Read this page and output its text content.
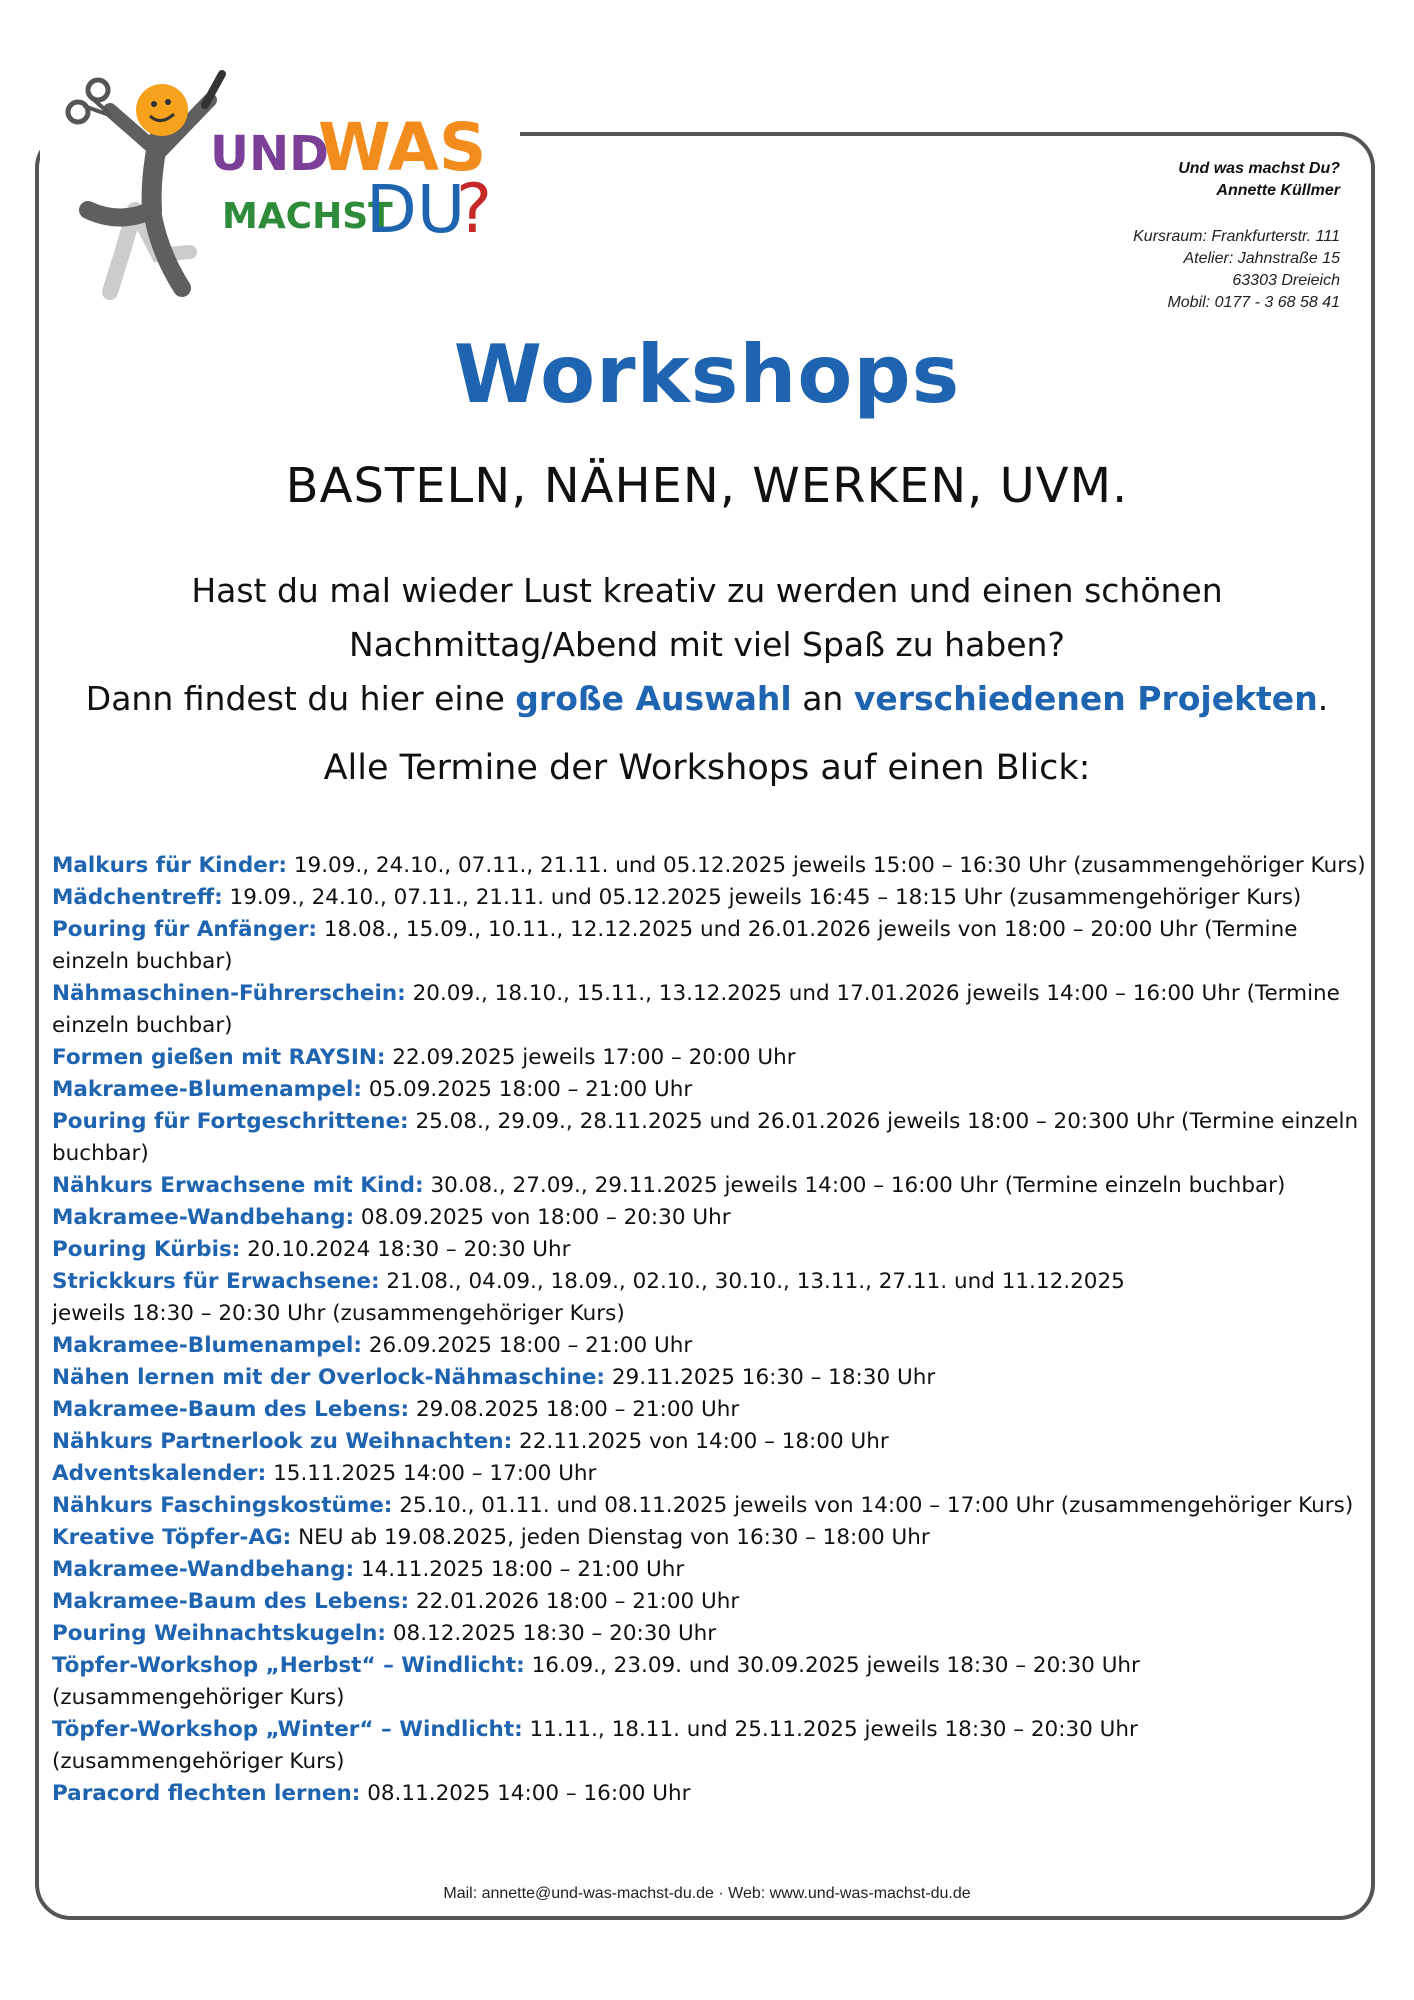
UND
WAS
MACHST
DU
?
Und was machst Du?
Annette Küllmer
Kursraum: Frankfurterstr. 111
Atelier: Jahnstraße 15
63303 Dreieich
Mobil: 0177 - 3 68 58 41
Workshops
BASTELN, NÄHEN, WERKEN, UVM.
Hast du mal wieder Lust kreativ zu werden und einen schönen
Nachmittag/Abend mit viel Spaß zu haben?
Dann findest du hier eine große Auswahl an verschiedenen Projekten.
Alle Termine der Workshops auf einen Blick:

Malkurs für Kinder: 19.09., 24.10., 07.11., 21.11. und 05.12.2025 jeweils 15:00 – 16:30 Uhr (zusammengehöriger Kurs)

Mädchentreff: 19.09., 24.10., 07.11., 21.11. und 05.12.2025 jeweils 16:45 – 18:15 Uhr (zusammengehöriger Kurs)

Pouring für Anfänger: 18.08., 15.09., 10.11., 12.12.2025 und 26.01.2026 jeweils von 18:00 – 20:00 Uhr (Termine einzeln buchbar)

Nähmaschinen-Führerschein: 20.09., 18.10., 15.11., 13.12.2025 und 17.01.2026 jeweils 14:00 – 16:00 Uhr (Termine einzeln buchbar)

Formen gießen mit RAYSIN: 22.09.2025 jeweils 17:00 – 20:00 Uhr

Makramee-Blumenampel: 05.09.2025 18:00 – 21:00 Uhr

Pouring für Fortgeschrittene: 25.08., 29.09., 28.11.2025 und 26.01.2026 jeweils 18:00 – 20:300 Uhr (Termine einzeln buchbar)

Nähkurs Erwachsene mit Kind: 30.08., 27.09., 29.11.2025 jeweils 14:00 – 16:00 Uhr (Termine einzeln buchbar)

Makramee-Wandbehang: 08.09.2025 von 18:00 – 20:30 Uhr

Pouring Kürbis: 20.10.2024 18:30 – 20:30 Uhr

Strickkurs für Erwachsene: 21.08., 04.09., 18.09., 02.10., 30.10., 13.11., 27.11. und 11.12.2025
jeweils 18:30 – 20:30 Uhr (zusammengehöriger Kurs)

Makramee-Blumenampel: 26.09.2025 18:00 – 21:00 Uhr

Nähen lernen mit der Overlock-Nähmaschine: 29.11.2025 16:30 – 18:30 Uhr

Makramee-Baum des Lebens: 29.08.2025 18:00 – 21:00 Uhr

Nähkurs Partnerlook zu Weihnachten: 22.11.2025 von 14:00 – 18:00 Uhr

Adventskalender: 15.11.2025 14:00 – 17:00 Uhr

Nähkurs Faschingskostüme: 25.10., 01.11. und 08.11.2025 jeweils von 14:00 – 17:00 Uhr (zusammengehöriger Kurs)

Kreative Töpfer-AG: NEU ab 19.08.2025, jeden Dienstag von 16:30 – 18:00 Uhr

Makramee-Wandbehang: 14.11.2025 18:00 – 21:00 Uhr

Makramee-Baum des Lebens: 22.01.2026 18:00 – 21:00 Uhr

Pouring Weihnachtskugeln: 08.12.2025 18:30 – 20:30 Uhr

Töpfer-Workshop „Herbst“ – Windlicht: 16.09., 23.09. und 30.09.2025 jeweils 18:30 – 20:30 Uhr
(zusammengehöriger Kurs)

Töpfer-Workshop „Winter“ – Windlicht: 11.11., 18.11. und 25.11.2025 jeweils 18:30 – 20:30 Uhr (zusammengehöriger Kurs)

Paracord flechten lernen: 08.11.2025 14:00 – 16:00 Uhr

Mail: annette@und-was-machst-du.de · Web: www.und-was-machst-du.de
